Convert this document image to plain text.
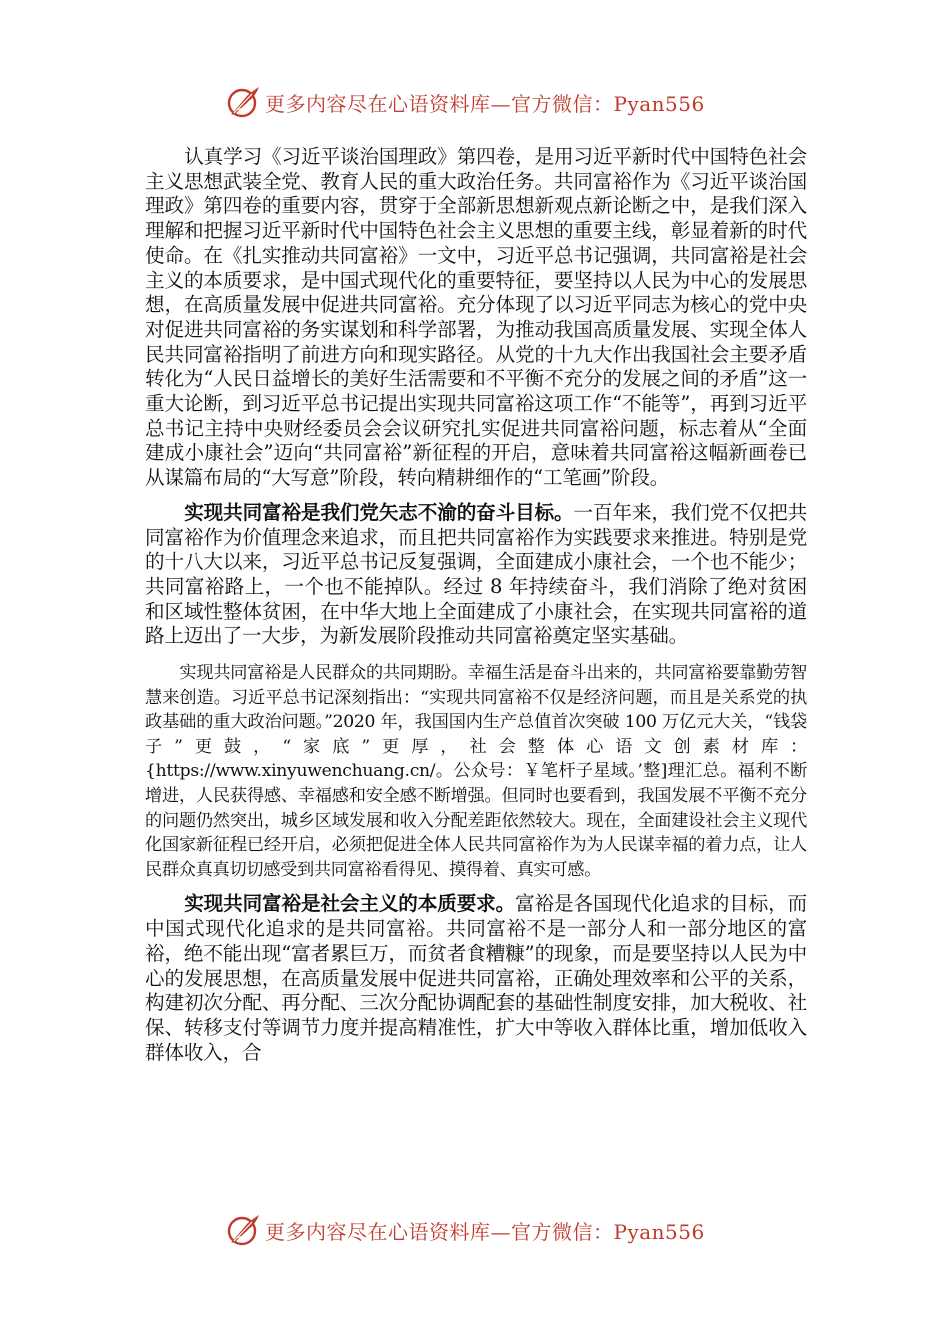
更多内容尽在心语资料库—官方微信：Pyan556

认真学习《习近平谈治国理政》第四卷，是用习近平新时代中国特色社会主义思想武装全党、教育人民的重大政治任务。共同富裕作为《习近平谈治国理政》第四卷的重要内容，贯穿于全部新思想新观点新论断之中，是我们深入理解和把握习近平新时代中国特色社会主义思想的重要主线，彰显着新的时代使命。在《扎实推动共同富裕》一文中，习近平总书记强调，共同富裕是社会主义的本质要求，是中国式现代化的重要特征，要坚持以人民为中心的发展思想，在高质量发展中促进共同富裕。充分体现了以习近平同志为核心的党中央对促进共同富裕的务实谋划和科学部署，为推动我国高质量发展、实现全体人民共同富裕指明了前进方向和现实路径。从党的十九大作出我国社会主要矛盾转化为“人民日益增长的美好生活需要和不平衡不充分的发展之间的矛盾”这一重大论断，到习近平总书记提出实现共同富裕这项工作“不能等”，再到习近平总书记主持中央财经委员会会议研究扎实促进共同富裕问题，标志着从“全面建成小康社会”迈向“共同富裕”新征程的开启，意味着共同富裕这幅新画卷已从谋篇布局的“大写意”阶段，转向精耕细作的“工笔画”阶段。

实现共同富裕是我们党矢志不渝的奋斗目标。一百年来，我们党不仅把共同富裕作为价值理念来追求，而且把共同富裕作为实践要求来推进。特别是党的十八大以来，习近平总书记反复强调，全面建成小康社会，一个也不能少；共同富裕路上，一个也不能掉队。经过 8 年持续奋斗，我们消除了绝对贫困和区域性整体贫困，在中华大地上全面建成了小康社会，在实现共同富裕的道路上迈出了一大步，为新发展阶段推动共同富裕奠定坚实基础。

实现共同富裕是人民群众的共同期盼。幸福生活是奋斗出来的，共同富裕要靠勤劳智慧来创造。习近平总书记深刻指出：“实现共同富裕不仅是经济问题，而且是关系党的执政基础的重大政治问题。”2020 年，我国国内生产总值首次突破 100 万亿元大关，“钱袋子”更鼓，“家底”更厚，社会整体心语文创素材库：{https://www.xinyuwenchuang.cn/。公众号：￥笔杆子星域。’整]理汇总。福利不断增进，人民获得感、幸福感和安全感不断增强。但同时也要看到，我国发展不平衡不充分的问题仍然突出，城乡区域发展和收入分配差距依然较大。现在，全面建设社会主义现代化国家新征程已经开启，必须把促进全体人民共同富裕作为为人民谋幸福的着力点，让人民群众真真切切感受到共同富裕看得见、摸得着、真实可感。

实现共同富裕是社会主义的本质要求。富裕是各国现代化追求的目标，而中国式现代化追求的是共同富裕。共同富裕不是一部分人和一部分地区的富裕，绝不能出现“富者累巨万，而贫者食糟糠”的现象，而是要坚持以人民为中心的发展思想，在高质量发展中促进共同富裕，正确处理效率和公平的关系，构建初次分配、再分配、三次分配协调配套的基础性制度安排，加大税收、社保、转移支付等调节力度并提高精准性，扩大中等收入群体比重，增加低收入群体收入，合

更多内容尽在心语资料库—官方微信：Pyan556
